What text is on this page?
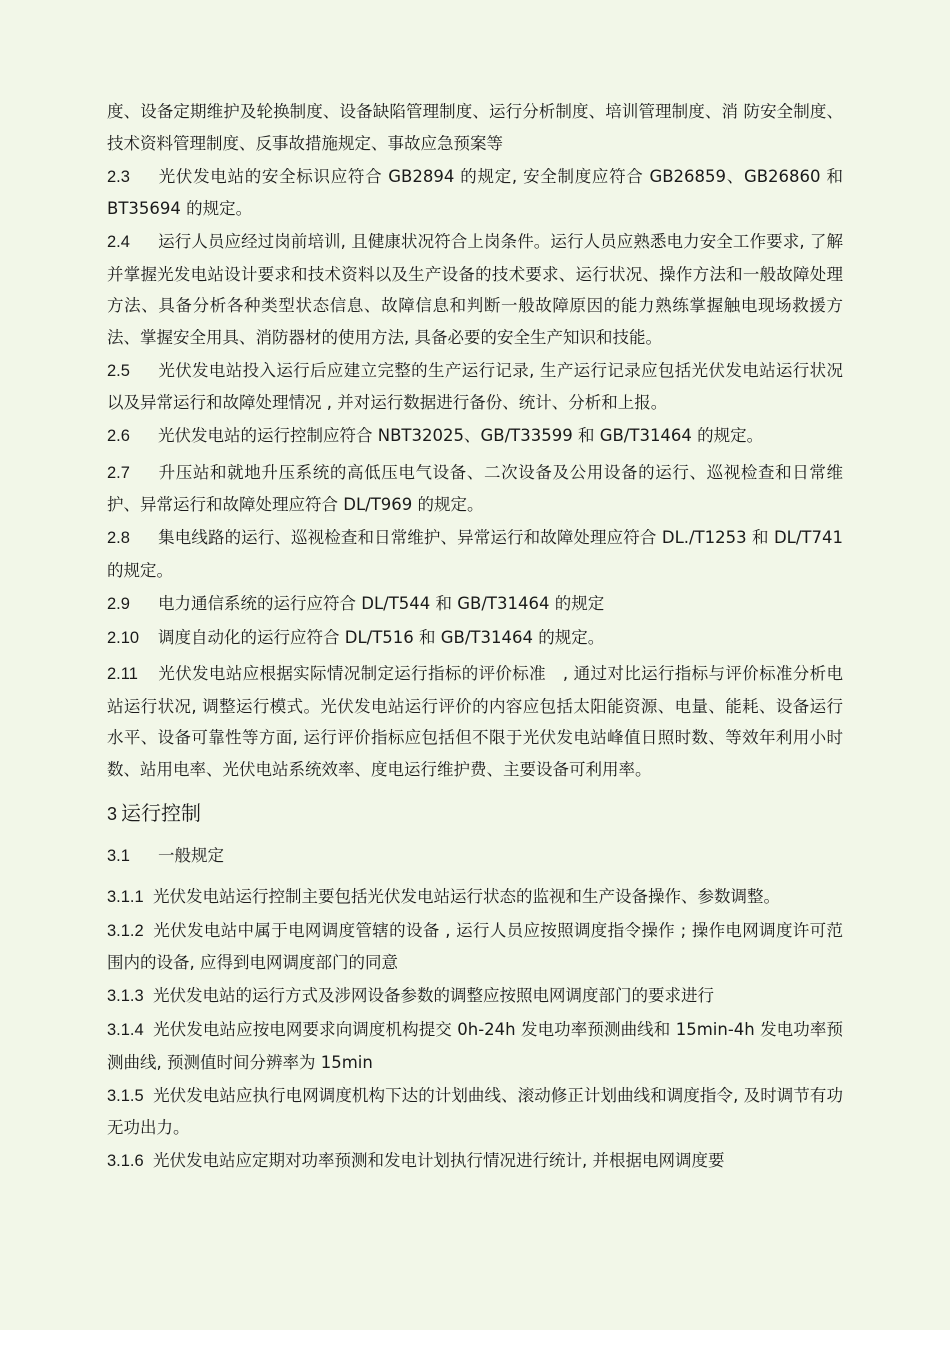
度、设备定期维护及轮换制度、设备缺陷管理制度、运行分析制度、培训管理制度、消 防安全制度、技术资料管理制度、反事故措施规定、事故应急预案等

2.3 光伏发电站的安全标识应符合 GB2894 的规定, 安全制度应符合 GB26859、GB26860 和 BT35694 的规定。

2.4 运行人员应经过岗前培训, 且健康状况符合上岗条件。运行人员应熟悉电力安全工作要求, 了解并掌握光发电站设计要求和技术资料以及生产设备的技术要求、运行状况、操作方法和一般故障处理方法、具备分析各种类型状态信息、故障信息和判断一般故障原因的能力熟练掌握触电现场救援方法、掌握安全用具、消防器材的使用方法, 具备必要的安全生产知识和技能。

2.5 光伏发电站投入运行后应建立完整的生产运行记录, 生产运行记录应包括光伏发电站运行状况以及异常运行和故障处理情况 , 并对运行数据进行备份、统计、分析和上报。

2.6 光伏发电站的运行控制应符合 NBT32025、GB/T33599 和 GB/T31464 的规定。

2.7 升压站和就地升压系统的高低压电气设备、二次设备及公用设备的运行、巡视检查和日常维护、异常运行和故障处理应符合 DL/T969 的规定。

2.8 集电线路的运行、巡视检查和日常维护、异常运行和故障处理应符合 DL./T1253 和 DL/T741 的规定。

2.9 电力通信系统的运行应符合 DL/T544 和 GB/T31464 的规定

2.10 调度自动化的运行应符合 DL/T516 和 GB/T31464 的规定。

2.11 光伏发电站应根据实际情况制定运行指标的评价标准　, 通过对比运行指标与评价标准分析电站运行状况, 调整运行模式。光伏发电站运行评价的内容应包括太阳能资源、电量、能耗、设备运行水平、设备可靠性等方面, 运行评价指标应包括但不限于光伏发电站峰值日照时数、等效年利用小时数、站用电率、光伏电站系统效率、度电运行维护费、主要设备可利用率。

3 运行控制

3.1 一般规定

3.1.1 光伏发电站运行控制主要包括光伏发电站运行状态的监视和生产设备操作、参数调整。

3.1.2 光伏发电站中属于电网调度管辖的设备 , 运行人员应按照调度指令操作 ; 操作电网调度许可范围内的设备, 应得到电网调度部门的同意

3.1.3 光伏发电站的运行方式及涉网设备参数的调整应按照电网调度部门的要求进行

3.1.4 光伏发电站应按电网要求向调度机构提交 0h-24h 发电功率预测曲线和 15min-4h 发电功率预测曲线, 预测值时间分辨率为 15min

3.1.5 光伏发电站应执行电网调度机构下达的计划曲线、滚动修正计划曲线和调度指令, 及时调节有功无功出力。

3.1.6 光伏发电站应定期对功率预测和发电计划执行情况进行统计, 并根据电网调度要
